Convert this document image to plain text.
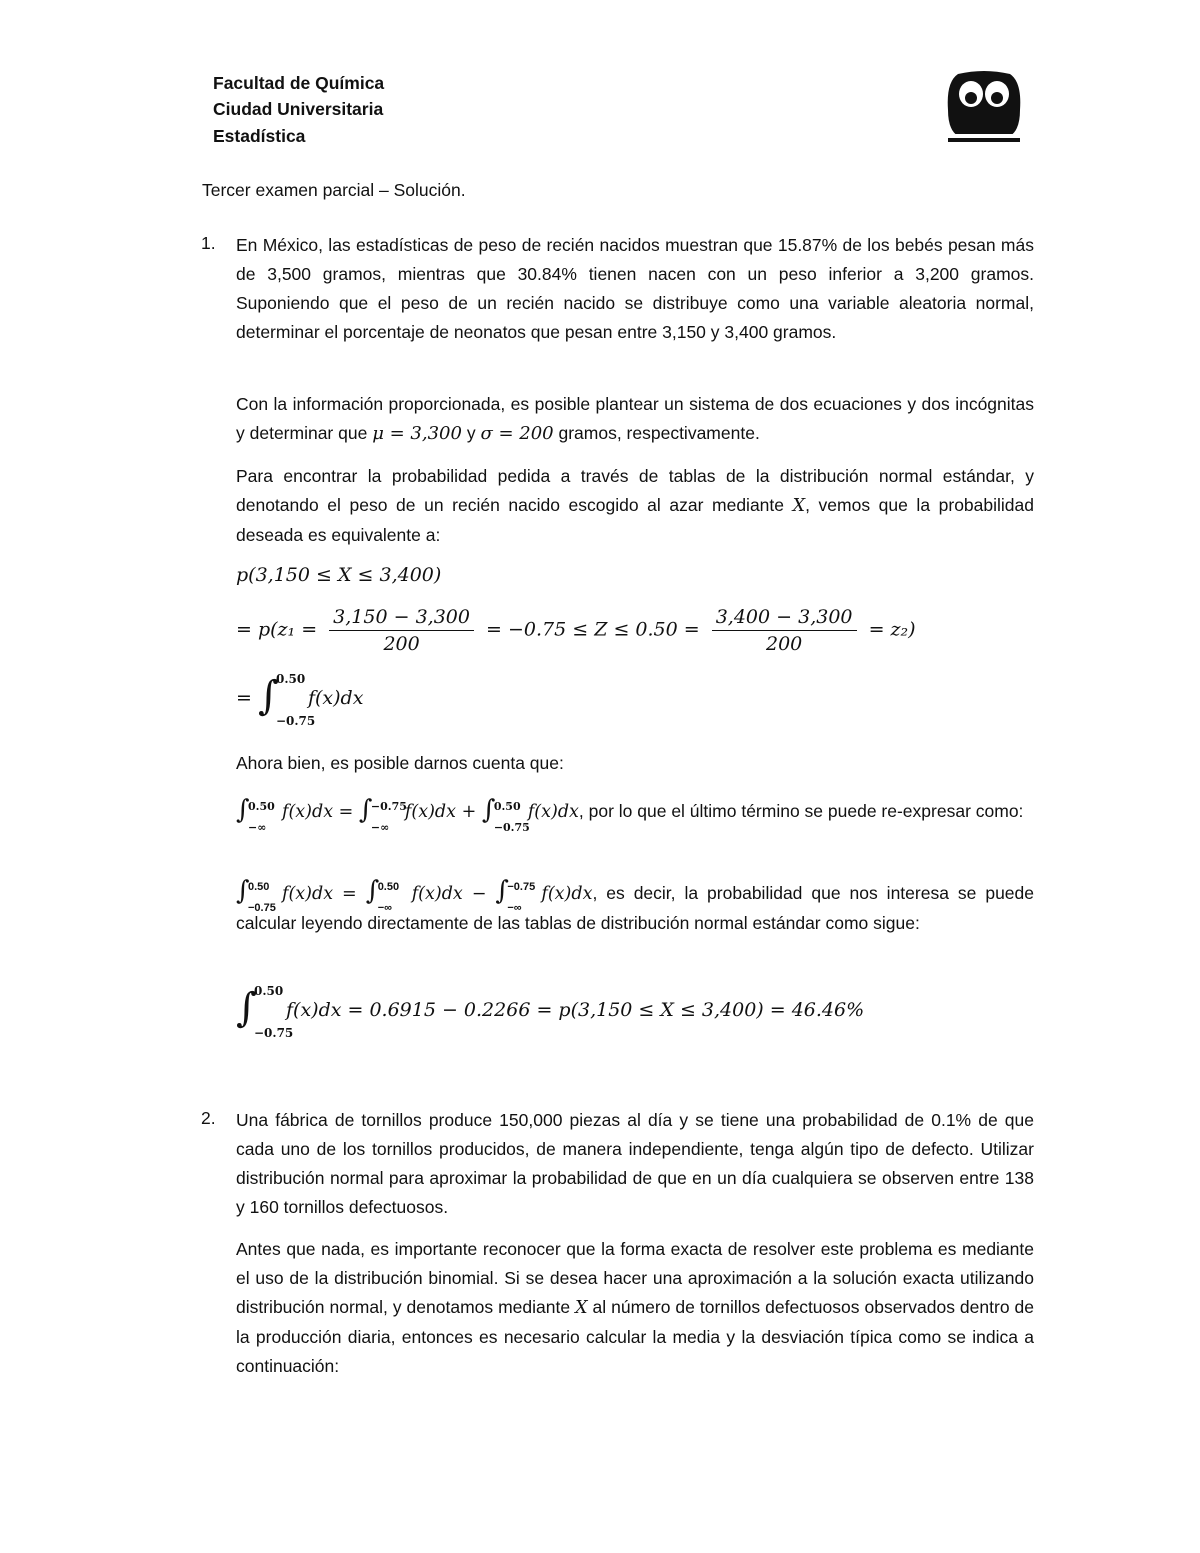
Facultad de Química
Ciudad Universitaria
Estadística
Tercer examen parcial – Solución.
1. En México, las estadísticas de peso de recién nacidos muestran que 15.87% de los bebés pesan más de 3,500 gramos, mientras que 30.84% tienen nacen con un peso inferior a 3,200 gramos. Suponiendo que el peso de un recién nacido se distribuye como una variable aleatoria normal, determinar el porcentaje de neonatos que pesan entre 3,150 y 3,400 gramos.
Con la información proporcionada, es posible plantear un sistema de dos ecuaciones y dos incógnitas y determinar que μ = 3,300 y σ = 200 gramos, respectivamente.
Para encontrar la probabilidad pedida a través de tablas de la distribución normal estándar, y denotando el peso de un recién nacido escogido al azar mediante X, vemos que la probabilidad deseada es equivalente a:
p(3,150 ≤ X ≤ 3,400)
= $p(z_1 = \frac{3,150 - 3,300}{200} = -0.75 \le Z \le 0.50 = \frac{3,400 - 3,300}{200} = z_2)$
= ∫
0.50
−0.75
f(x)dx
Ahora bien, es posible darnos cuenta que:
∫
0.50
−∞
f(x)dx = ∫
−0.75
−∞
f(x)dx + ∫
0.50
−0.75
f(x)dx, por lo que el último término se puede re-expresar como:
∫
0.50
−0.75
f(x)dx = ∫
0.50
−∞
f(x)dx − ∫
−0.75
−∞
f(x)dx, es decir, la probabilidad que nos interesa se puede calcular leyendo directamente de las tablas de distribución normal estándar como sigue:
∫
0.50
−0.75
f(x)dx = 0.6915 − 0.2266 = p(3,150 ≤ X ≤ 3,400) = 46.46%
2. Una fábrica de tornillos produce 150,000 piezas al día y se tiene una probabilidad de 0.1% de que cada uno de los tornillos producidos, de manera independiente, tenga algún tipo de defecto. Utilizar distribución normal para aproximar la probabilidad de que en un día cualquiera se observen entre 138 y 160 tornillos defectuosos.
Antes que nada, es importante reconocer que la forma exacta de resolver este problema es mediante el uso de la distribución binomial. Si se desea hacer una aproximación a la solución exacta utilizando distribución normal, y denotamos mediante X al número de tornillos defectuosos observados dentro de la producción diaria, entonces es necesario calcular la media y la desviación típica como se indica a continuación:
